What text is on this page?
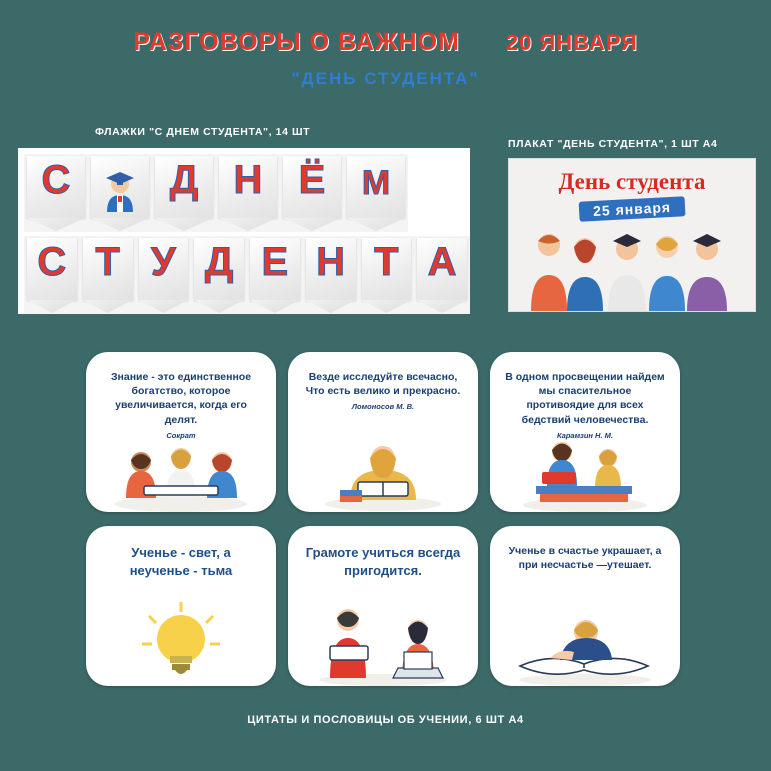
РАЗГОВОРЫ О ВАЖНОМ 20 ЯНВАРЯ
"ДЕНЬ СТУДЕНТА"
ФЛАЖКИ "С ДНЕМ СТУДЕНТА", 14 ШТ
С	Д Н Ё	М
С Т У Д Е Н Т А
ПЛАКАТ "ДЕНЬ СТУДЕНТА", 1 ШТ А4
День студента
25 января
Знание - это единственное богатство, которое увеличивается, когда его делят.
Сократ
Везде исследуйте всечасно, Что есть велико и прекрасно.
Ломоносов М. В.
В одном просвещении найдем мы спасительное противоядие для всех бедствий человечества.
Карамзин Н. М.
Ученье - свет, а неученье - тьма
Грамоте учиться всегда пригодится.
Ученье в счастье украшает, а при несчастье —утешает.
ЦИТАТЫ И ПОСЛОВИЦЫ ОБ УЧЕНИИ, 6 ШТ А4
